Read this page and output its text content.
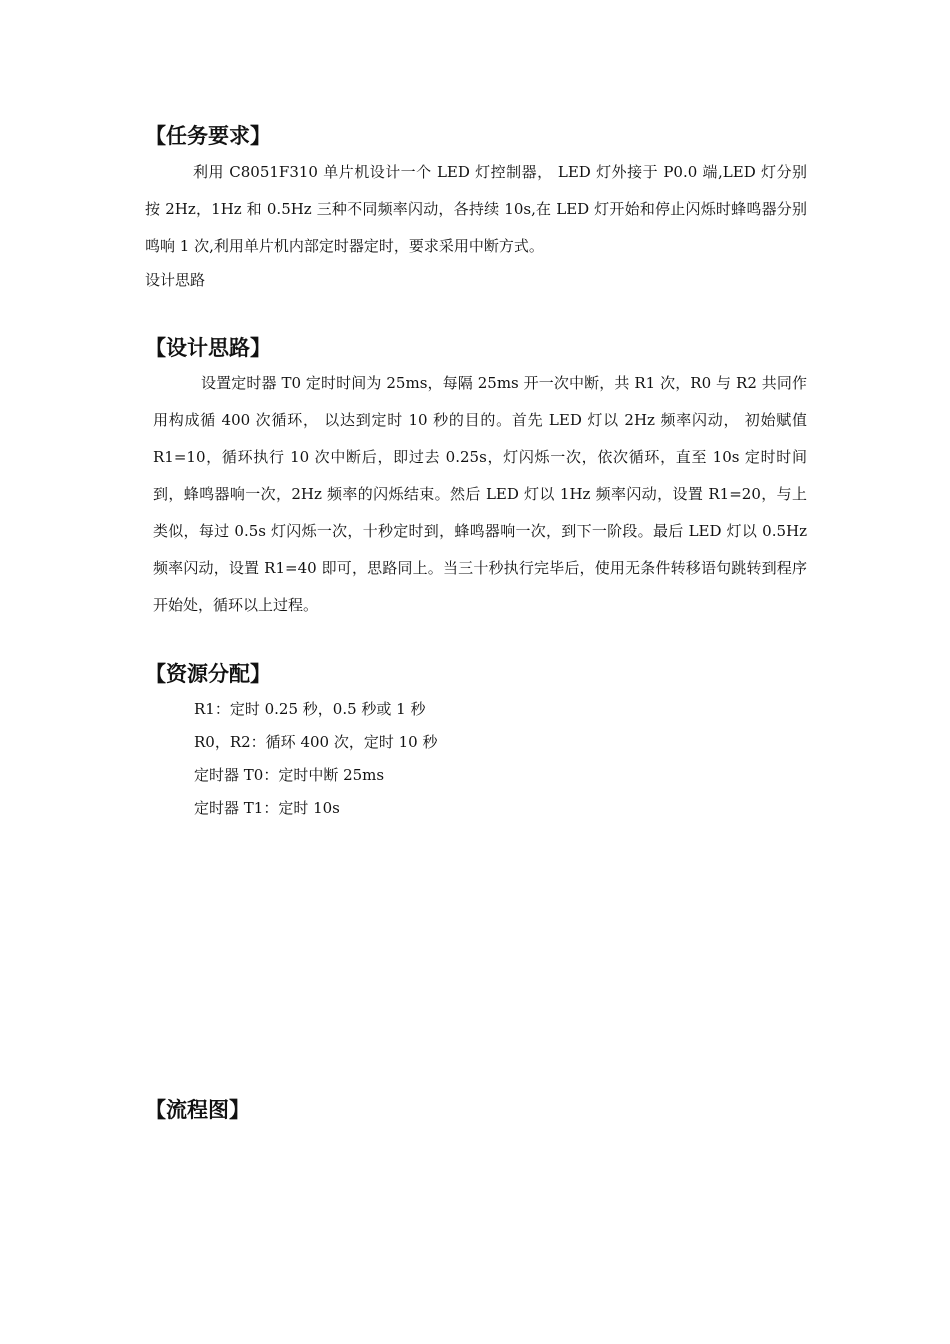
【任务要求】

利用 C8051F310 单片机设计一个 LED 灯控制器， LED 灯外接于 P0.0 端,LED 灯分别按 2Hz，1Hz 和 0.5Hz 三种不同频率闪动，各持续 10s,在 LED 灯开始和停止闪烁时蜂鸣器分别鸣响 1 次,利用单片机内部定时器定时，要求采用中断方式。

设计思路

【设计思路】

设置定时器 T0 定时时间为 25ms，每隔 25ms 开一次中断，共 R1 次，R0 与 R2 共同作用构成循 400 次循环， 以达到定时 10 秒的目的。首先 LED 灯以 2Hz 频率闪动， 初始赋值 R1=10，循环执行 10 次中断后，即过去 0.25s，灯闪烁一次，依次循环，直至 10s 定时时间到，蜂鸣器响一次，2Hz 频率的闪烁结束。然后 LED 灯以 1Hz 频率闪动，设置 R1=20，与上类似，每过 0.5s 灯闪烁一次，十秒定时到，蜂鸣器响一次，到下一阶段。最后 LED 灯以 0.5Hz 频率闪动，设置 R1=40 即可，思路同上。当三十秒执行完毕后，使用无条件转移语句跳转到程序开始处，循环以上过程。

【资源分配】
R1：定时 0.25 秒，0.5 秒或 1 秒
R0，R2：循环 400 次，定时 10 秒
定时器 T0：定时中断 25ms
定时器 T1：定时 10s
【流程图】
